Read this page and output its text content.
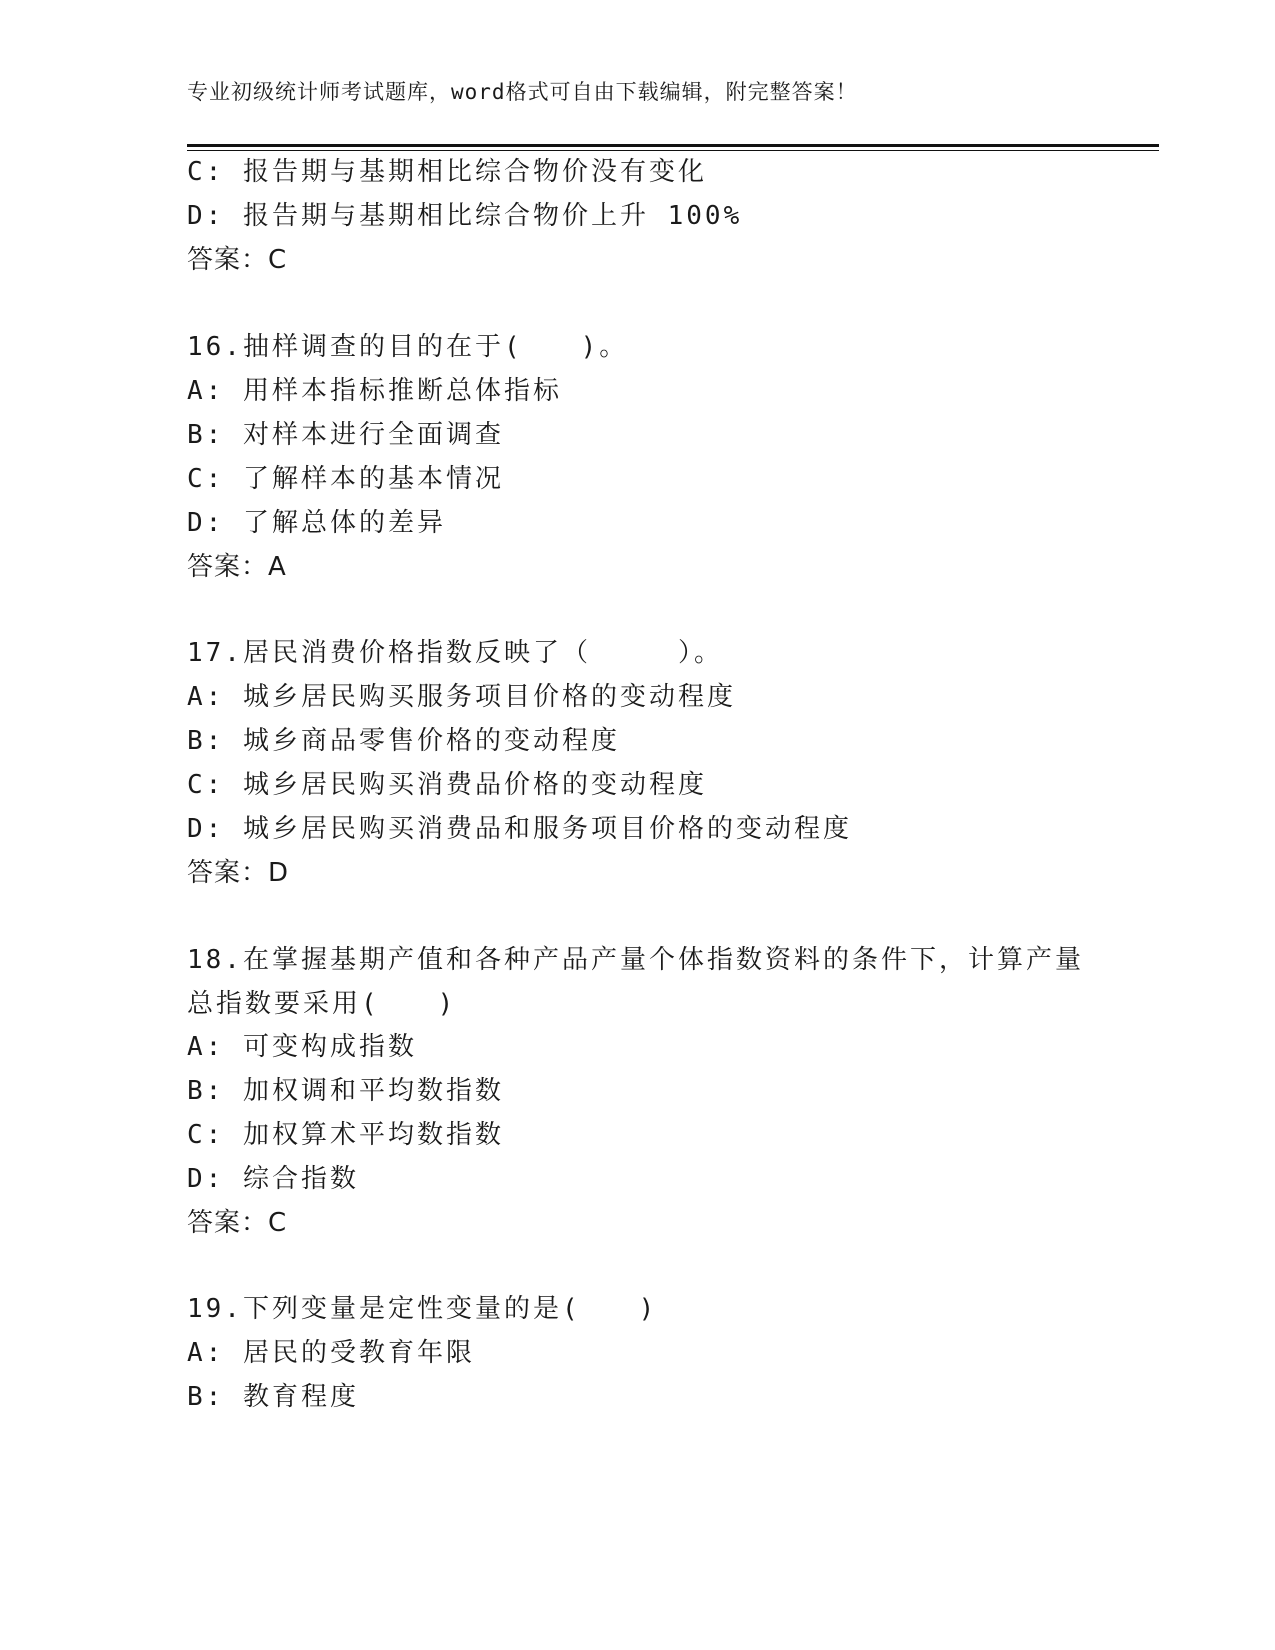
专业初级统计师考试题库，word格式可自由下载编辑，附完整答案！
C: 报告期与基期相比综合物价没有变化
D: 报告期与基期相比综合物价上升 100%
答案：C
16.抽样调查的目的在于(　　)。
A: 用样本指标推断总体指标
B: 对样本进行全面调查
C: 了解样本的基本情况
D: 了解总体的差异
答案：A
17.居民消费价格指数反映了（　　　）。
A: 城乡居民购买服务项目价格的变动程度
B: 城乡商品零售价格的变动程度
C: 城乡居民购买消费品价格的变动程度
D: 城乡居民购买消费品和服务项目价格的变动程度
答案：D
18.在掌握基期产值和各种产品产量个体指数资料的条件下，计算产量
总指数要采用(　　)
A: 可变构成指数
B: 加权调和平均数指数
C: 加权算术平均数指数
D: 综合指数
答案：C
19.下列变量是定性变量的是(　　)
A: 居民的受教育年限
B: 教育程度
